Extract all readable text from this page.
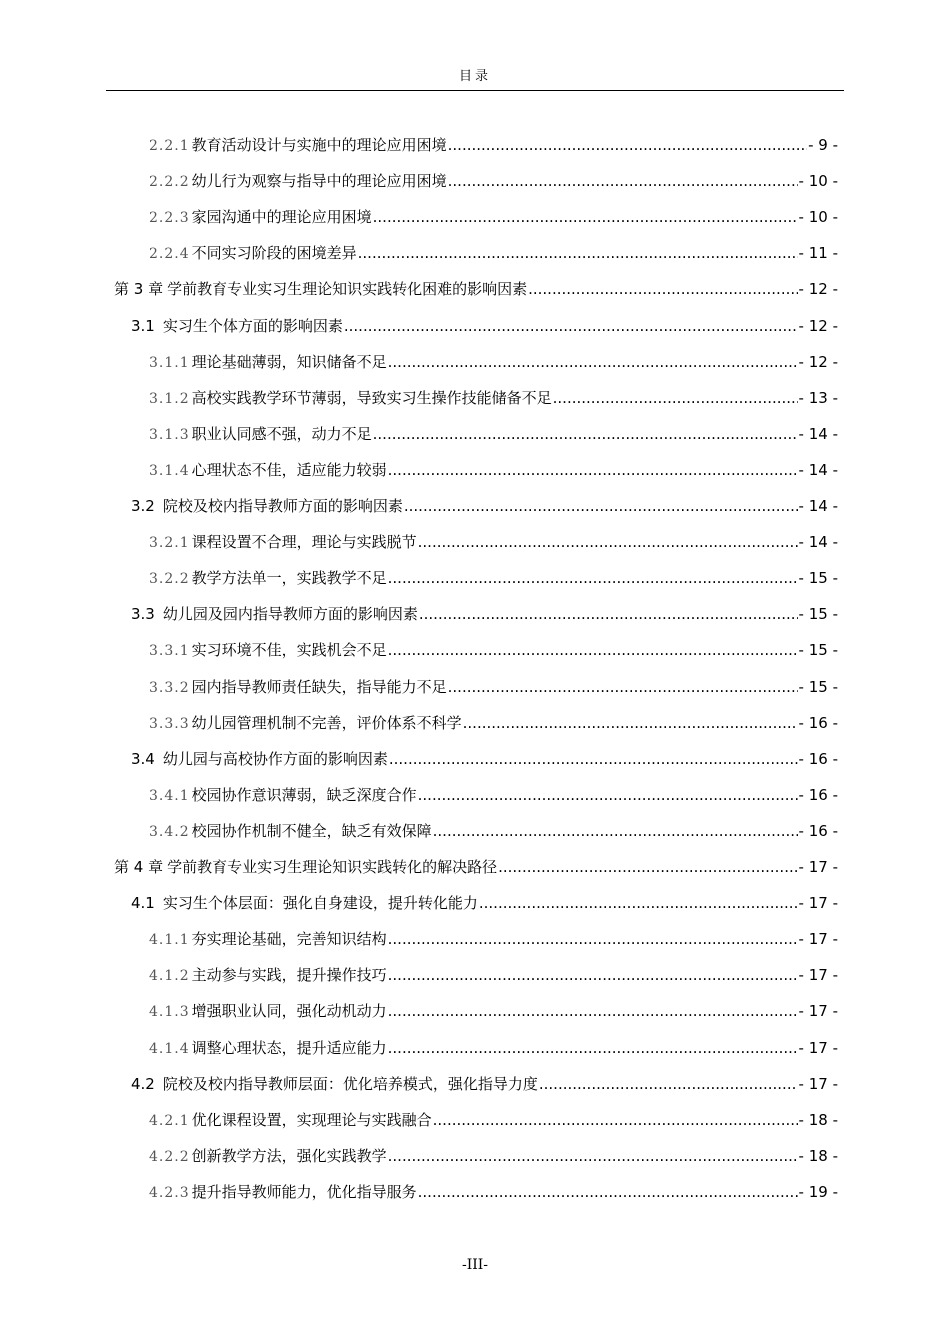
目录
2.2.1 教育活动设计与实施中的理论应用困境 .....	- 9 -
2.2.2 幼儿行为观察与指导中的理论应用困境 .....	- 10 -
2.2.3 家园沟通中的理论应用困境 .....	- 10 -
2.2.4 不同实习阶段的困境差异 .....	- 11 -
第 3 章 学前教育专业实习生理论知识实践转化困难的影响因素 .....	- 12 -
3.1 实习生个体方面的影响因素 .....	- 12 -
3.1.1 理论基础薄弱，知识储备不足 .....	- 12 -
3.1.2 高校实践教学环节薄弱，导致实习生操作技能储备不足 .....	- 13 -
3.1.3 职业认同感不强，动力不足 .....	- 14 -
3.1.4 心理状态不佳，适应能力较弱 .....	- 14 -
3.2 院校及校内指导教师方面的影响因素 .....	- 14 -
3.2.1 课程设置不合理，理论与实践脱节 .....	- 14 -
3.2.2 教学方法单一，实践教学不足 .....	- 15 -
3.3 幼儿园及园内指导教师方面的影响因素 .....	- 15 -
3.3.1 实习环境不佳，实践机会不足 .....	- 15 -
3.3.2 园内指导教师责任缺失，指导能力不足 .....	- 15 -
3.3.3 幼儿园管理机制不完善，评价体系不科学 .....	- 16 -
3.4 幼儿园与高校协作方面的影响因素 .....	- 16 -
3.4.1 校园协作意识薄弱，缺乏深度合作 .....	- 16 -
3.4.2 校园协作机制不健全，缺乏有效保障 .....	- 16 -
第 4 章 学前教育专业实习生理论知识实践转化的解决路径 .....	- 17 -
4.1 实习生个体层面：强化自身建设，提升转化能力 .....	- 17 -
4.1.1 夯实理论基础，完善知识结构 .....	- 17 -
4.1.2 主动参与实践，提升操作技巧 .....	- 17 -
4.1.3 增强职业认同，强化动机动力 .....	- 17 -
4.1.4 调整心理状态，提升适应能力 .....	- 17 -
4.2 院校及校内指导教师层面：优化培养模式，强化指导力度 .....	- 17 -
4.2.1 优化课程设置，实现理论与实践融合 .....	- 18 -
4.2.2 创新教学方法，强化实践教学 .....	- 18 -
4.2.3 提升指导教师能力，优化指导服务 .....	- 19 -
-III-
